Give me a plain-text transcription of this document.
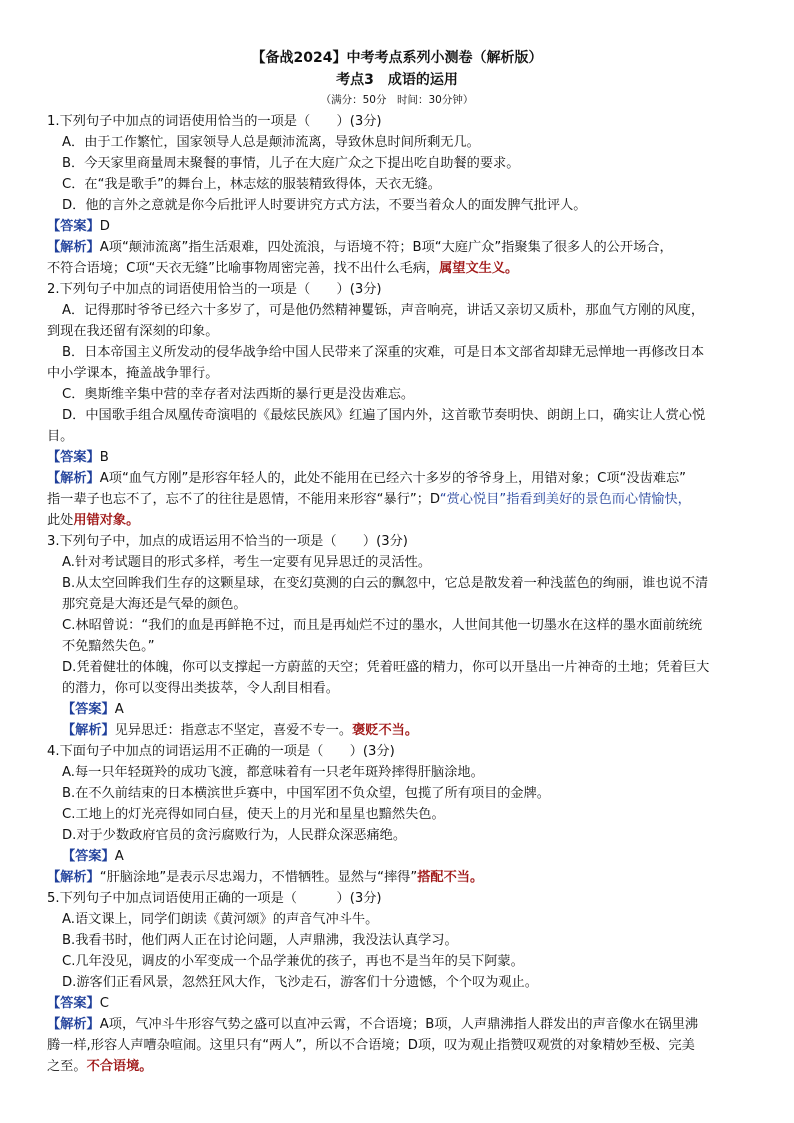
【备战2024】中考考点系列小测卷（解析版）
考点3　成语的运用
（满分：50分　时间：30分钟）
1.下列句子中加点的词语使用恰当的一项是（　　）(3分)
A．由于工作繁忙，国家领导人总是颠沛流离，导致休息时间所剩无几。
B．今天家里商量周末聚餐的事情，儿子在大庭广众之下提出吃自助餐的要求。
C．在“我是歌手”的舞台上，林志炫的服装精致得体，天衣无缝。
D．他的言外之意就是你今后批评人时要讲究方式方法，不要当着众人的面发脾气批评人。
【答案】D
【解析】A项“颠沛流离”指生活艰难，四处流浪，与语境不符；B项“大庭广众”指聚集了很多人的公开场合，
不符合语境；C项“天衣无缝”比喻事物周密完善，找不出什么毛病，属望文生义。
2.下列句子中加点的词语使用恰当的一项是（　　）(3分)
A．记得那时爷爷已经六十多岁了，可是他仍然精神矍铄，声音响亮，讲话又亲切又质朴，那血气方刚的风度，
到现在我还留有深刻的印象。
B．日本帝国主义所发动的侵华战争给中国人民带来了深重的灾难，可是日本文部省却肆无忌惮地一再修改日本
中小学课本，掩盖战争罪行。
C．奥斯维辛集中营的幸存者对法西斯的暴行更是没齿难忘。
D．中国歌手组合凤凰传奇演唱的《最炫民族风》红遍了国内外，这首歌节奏明快、朗朗上口，确实让人赏心悦
目。
【答案】B
【解析】A项“血气方刚”是形容年轻人的，此处不能用在已经六十多岁的爷爷身上，用错对象；C项“没齿难忘”
指一辈子也忘不了，忘不了的往往是恩情，不能用来形容“暴行”；D“赏心悦目”指看到美好的景色而心情愉快，
此处用错对象。
3.下列句子中，加点的成语运用不恰当的一项是（　　）(3分)
A.针对考试题目的形式多样，考生一定要有见异思迁的灵活性。
B.从太空回眸我们生存的这颗星球，在变幻莫测的白云的飘忽中，它总是散发着一种浅蓝色的绚丽，谁也说不清
那究竟是大海还是气晕的颜色。
C.林昭曾说：“我们的血是再鲜艳不过，而且是再灿烂不过的墨水，人世间其他一切墨水在这样的墨水面前统统
不免黯然失色。”
D.凭着健壮的体魄，你可以支撑起一方蔚蓝的天空；凭着旺盛的精力，你可以开垦出一片神奇的土地；凭着巨大
的潜力，你可以变得出类拔萃，令人刮目相看。
【答案】A
【解析】见异思迁：指意志不坚定，喜爱不专一。褒贬不当。
4.下面句子中加点的词语运用不正确的一项是（　　）(3分)
A.每一只年轻斑羚的成功飞渡，都意味着有一只老年斑羚摔得肝脑涂地。
B.在不久前结束的日本横滨世乒赛中，中国军团不负众望，包揽了所有项目的金牌。
C.工地上的灯光亮得如同白昼，使天上的月光和星星也黯然失色。
D.对于少数政府官员的贪污腐败行为，人民群众深恶痛绝。
【答案】A
【解析】“肝脑涂地”是表示尽忠竭力，不惜牺牲。显然与“摔得”搭配不当。
5.下列句子中加点词语使用正确的一项是（　　　）(3分)
A.语文课上，同学们朗读《黄河颂》的声音气冲斗牛。
B.我看书时，他们两人正在讨论问题，人声鼎沸，我没法认真学习。
C.几年没见，调皮的小军变成一个品学兼优的孩子，再也不是当年的吴下阿蒙。
D.游客们正看风景，忽然狂风大作，飞沙走石，游客们十分遗憾，个个叹为观止。
【答案】C
【解析】A项，气冲斗牛形容气势之盛可以直冲云霄，不合语境；B项，人声鼎沸指人群发出的声音像水在锅里沸
腾一样,形容人声嘈杂喧闹。这里只有“两人”，所以不合语境；D项，叹为观止指赞叹观赏的对象精妙至极、完美
之至。不合语境。
